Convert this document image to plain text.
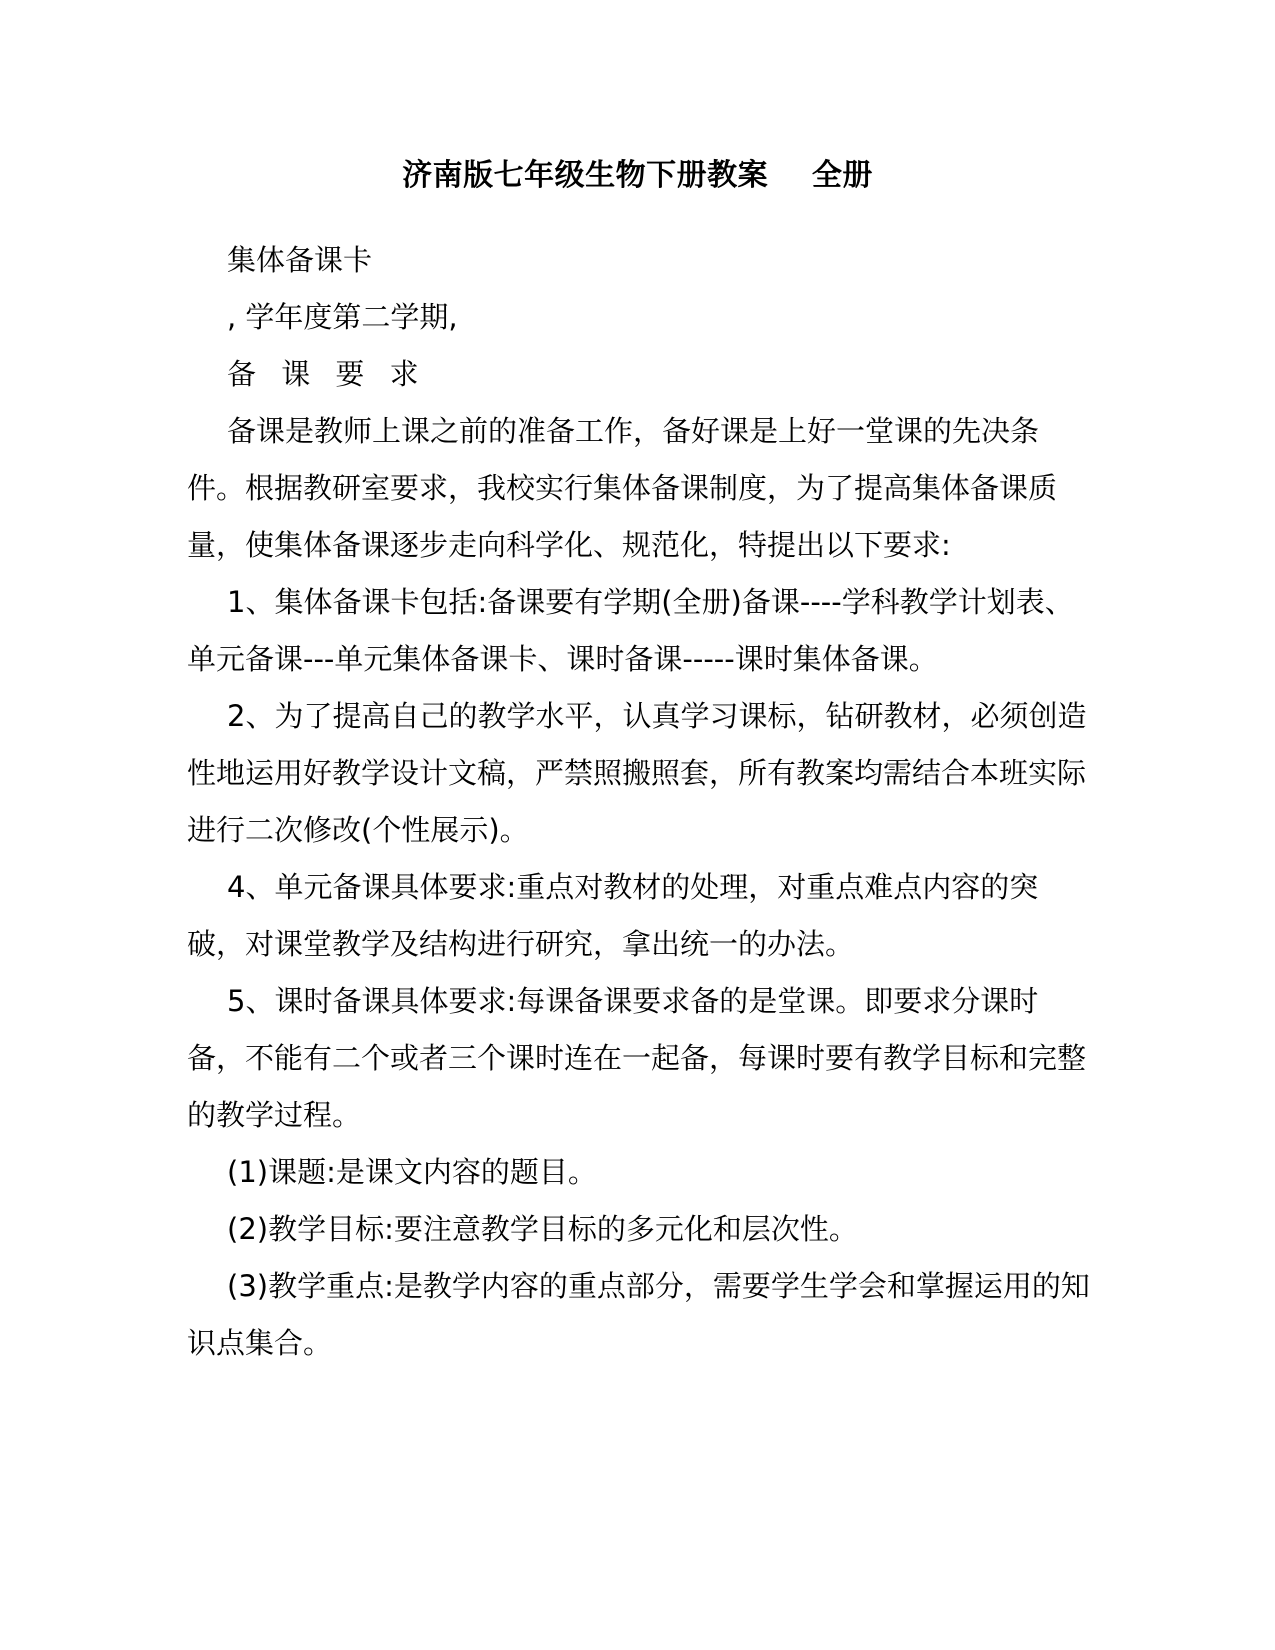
济南版七年级生物下册教案    全册

集体备课卡

, 学年度第二学期,

备 课 要 求

备课是教师上课之前的准备工作，备好课是上好一堂课的先决条件。根据教研室要求，我校实行集体备课制度，为了提高集体备课质量，使集体备课逐步走向科学化、规范化，特提出以下要求:

1、集体备课卡包括:备课要有学期(全册)备课----学科教学计划表、单元备课---单元集体备课卡、课时备课-----课时集体备课。

2、为了提高自己的教学水平，认真学习课标，钻研教材，必须创造性地运用好教学设计文稿，严禁照搬照套，所有教案均需结合本班实际进行二次修改(个性展示)。

4、单元备课具体要求:重点对教材的处理，对重点难点内容的突破，对课堂教学及结构进行研究，拿出统一的办法。

5、课时备课具体要求:每课备课要求备的是堂课。即要求分课时备，不能有二个或者三个课时连在一起备，每课时要有教学目标和完整的教学过程。

(1)课题:是课文内容的题目。

(2)教学目标:要注意教学目标的多元化和层次性。

(3)教学重点:是教学内容的重点部分，需要学生学会和掌握运用的知识点集合。
